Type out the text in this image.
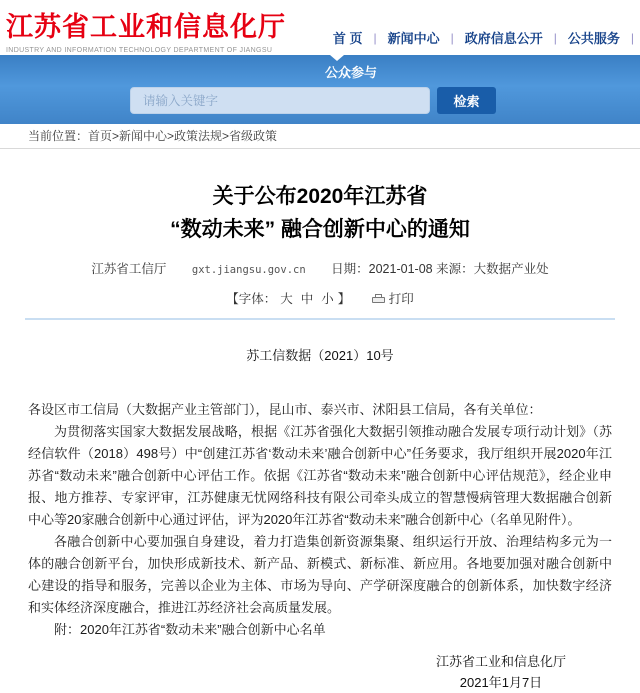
江苏省工业和信息化厅
INDUSTRY AND INFORMATION TECHNOLOGY DEPARTMENT OF JIANGSU
首 页 | 新闻中心 | 政府信息公开 | 公共服务 |
公众参与
请输入关键字
检索
当前位置：首页>新闻中心>政策法规>省级政策
关于公布2020年江苏省
“数动未来” 融合创新中心的通知
江苏省工信厅 gxt.jiangsu.gov.cn 日期：2021-01-08 来源：大数据产业处
【字体： 大 中 小 】	打印
苏工信数据（2021）10号

各设区市工信局（大数据产业主管部门），昆山市、泰兴市、沭阳县工信局，各有关单位：

为贯彻落实国家大数据发展战略，根据《江苏省强化大数据引领推动融合发展专项行动计划》（苏经信软件（2018）498号）中“创建江苏省‘数动未来’融合创新中心”任务要求，我厅组织开展2020年江苏省“数动未来”融合创新中心评估工作。依据《江苏省“数动未来”融合创新中心评估规范》，经企业申报、地方推荐、专家评审，江苏健康无忧网络科技有限公司牵头成立的智慧慢病管理大数据融合创新中心等20家融合创新中心通过评估，评为2020年江苏省“数动未来”融合创新中心（名单见附件）。

各融合创新中心要加强自身建设，着力打造集创新资源集聚、组织运行开放、治理结构多元为一体的融合创新平台，加快形成新技术、新产品、新模式、新标准、新应用。各地要加强对融合创新中心建设的指导和服务，完善以企业为主体、市场为导向、产学研深度融合的创新体系，加快数字经济和实体经济深度融合，推进江苏经济社会高质量发展。

附：2020年江苏省“数动未来”融合创新中心名单

江苏省工业和信息化厅
2021年1月7日
